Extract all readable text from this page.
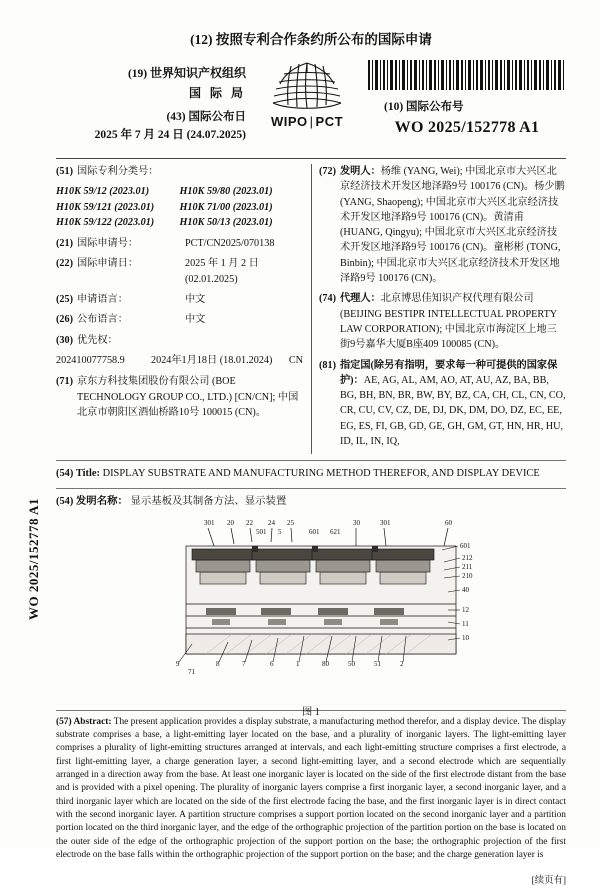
WO 2025/152778 A1
(12) 按照专利合作条约所公布的国际申请
(19) 世界知识产权组织
国 际 局
(43) 国际公布日
2025 年 7 月 24 日 (24.07.2025)
WIPO | PCT
(10) 国际公布号
WO 2025/152778 A1
(51) 国际专利分类号：
H10K 59/12 (2023.01)	H10K 59/80 (2023.01)
H10K 59/121 (2023.01)	H10K 71/00 (2023.01)
H10K 59/122 (2023.01)	H10K 50/13 (2023.01)
(21) 国际申请号：	PCT/CN2025/070138
(22) 国际申请日：	2025 年 1 月 2 日 (02.01.2025)
(25) 申请语言：	中文
(26) 公布语言：	中文
(30) 优先权：
202410077758.9	2024年1月18日 (18.01.2024)	CN
(71) 京东方科技集团股份有限公司 (BOE TECHNOLOGY GROUP CO., LTD.) [CN/CN]; 中国北京市朝阳区酒仙桥路10号 100015 (CN)。
(72) 发明人：杨维 (YANG, Wei); 中国北京市大兴区北京经济技术开发区地泽路9号 100176 (CN)。杨少鹏 (YANG, Shaopeng); 中国北京市大兴区北京经济技术开发区地泽路9号 100176 (CN)。黄清甫 (HUANG, Qingyu); 中国北京市大兴区北京经济技术开发区地泽路9号 100176 (CN)。童彬彬 (TONG, Binbin); 中国北京市大兴区北京经济技术开发区地泽路9号 100176 (CN)。
(74) 代理人：北京博思佳知识产权代理有限公司 (BEIJING BESTIPR INTELLECTUAL PROPERTY LAW CORPORATION); 中国北京市海淀区上地三街9号嘉华大厦B座409 100085 (CN)。
(81) 指定国(除另有指明，要求每一种可提供的国家保护)：AE, AG, AL, AM, AO, AT, AU, AZ, BA, BB, BG, BH, BN, BR, BW, BY, BZ, CA, CH, CL, CN, CO, CR, CU, CV, CZ, DE, DJ, DK, DM, DO, DZ, EC, EE, EG, ES, FI, GB, GD, GE, GH, GM, GT, HN, HR, HU, ID, IL, IN, IQ,
(54) Title: DISPLAY SUBSTRATE AND MANUFACTURING METHOD THEREFOR, AND DISPLAY DEVICE
(54) 发明名称： 显示基板及其制备方法、显示装置
301 20 22 24 25
501 5	601 621
30	301	60
601
212
211
210
40
12
11
10
9
71
8	7	6	1	80	50	51	2
图 1
(57) Abstract: The present application provides a display substrate, a manufacturing method therefor, and a display device. The display substrate comprises a base, a light-emitting layer located on the base, and a plurality of inorganic layers. The light-emitting layer comprises a plurality of light-emitting structures arranged at intervals, and each light-emitting structure comprises a first electrode, a first light-emitting layer, a charge generation layer, a second light-emitting layer, and a second electrode which are sequentially arranged in a direction away from the base. At least one inorganic layer is located on the side of the first electrode distant from the base and is provided with a pixel opening. The plurality of inorganic layers comprise a first inorganic layer, a second inorganic layer, and a third inorganic layer which are located on the side of the first electrode facing the base, and the first inorganic layer is in direct contact with the second inorganic layer. A partition structure comprises a support portion located on the second inorganic layer and a partition portion located on the third inorganic layer, and the edge of the orthographic projection of the partition portion on the base is located on the outer side of the edge of the orthographic projection of the support portion on the base; the orthographic projection of the first electrode on the base falls within the orthographic projection of the support portion on the base; and the charge generation layer is
[续页有]
